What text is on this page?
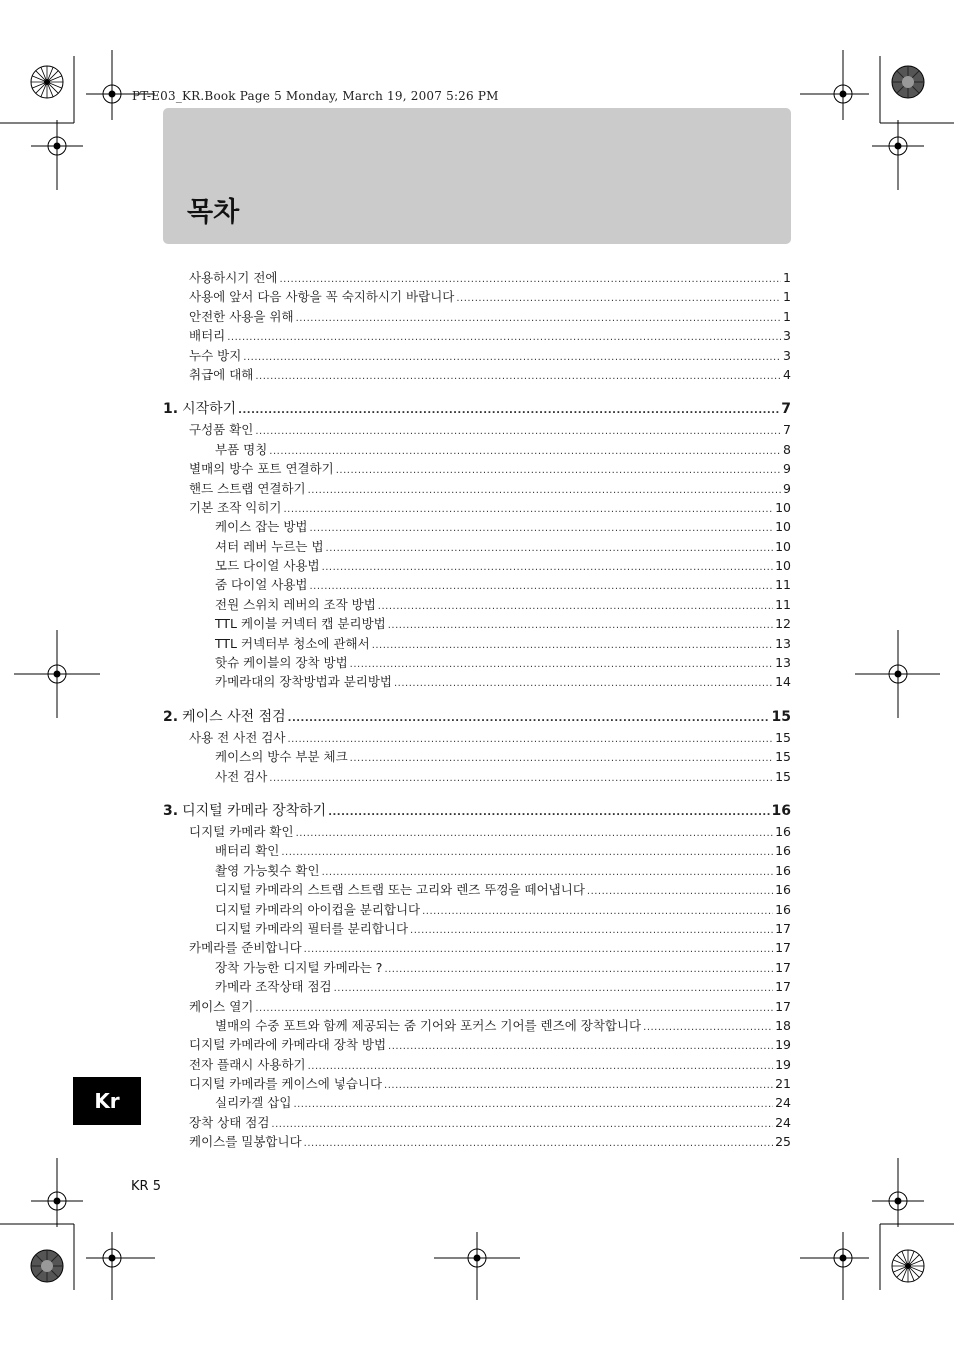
PT-E03_KR.Book Page 5 Monday, March 19, 2007 5:26 PM
목차
사용하시기 전에 .....	1
사용에 앞서 다음 사항을 꼭 숙지하시기 바랍니다 .....	1
안전한 사용을 위해 .....	1
배터리 .....	3
누수 방지 .....	3
취급에 대해 .....	4
1. 시작하기 .....	7
구성품 확인 .....	7
부품 명칭 .....	8
별매의 방수 포트 연결하기 .....	9
핸드 스트랩 연결하기 .....	9
기본 조작 익히기 .....	10
케이스 잡는 방법 .....	10
셔터 레버 누르는 법 .....	10
모드 다이얼 사용법 .....	10
줌 다이얼 사용법 .....	11
전원 스위치 레버의 조작 방법 .....	11
TTL 케이블 커넥터 캡 분리방법 .....	12
TTL 커넥터부 청소에 관해서 .....	13
핫슈 케이블의 장착 방법 .....	13
카메라대의 장착방법과 분리방법 .....	14
2. 케이스 사전 점검 .....	15
사용 전 사전 검사 .....	15
케이스의 방수 부분 체크 .....	15
사전 검사 .....	15
3. 디지털 카메라 장착하기 .....	16
디지털 카메라 확인 .....	16
배터리 확인 .....	16
촬영 가능횟수 확인 .....	16
디지털 카메라의 스트랩 스트랩 또는 고리와 렌즈 뚜껑을 떼어냅니다 .....	16
디지털 카메라의 아이컵을 분리합니다 .....	16
디지털 카메라의 필터를 분리합니다 .....	17
카메라를 준비합니다 .....	17
장착 가능한 디지털 카메라는 ? .....	17
카메라 조작상태 점검 .....	17
케이스 열기 .....	17
별매의 수중 포트와 함께 제공되는 줌 기어와 포커스 기어를 렌즈에 장착합니다 .....	18
디지털 카메라에 카메라대 장착 방법 .....	19
전자 플래시 사용하기 .....	19
디지털 카메라를 케이스에 넣습니다 .....	21
실리카겔 삽입 .....	24
장착 상태 점검 .....	24
케이스를 밀봉합니다 .....	25
Kr
KR 5
